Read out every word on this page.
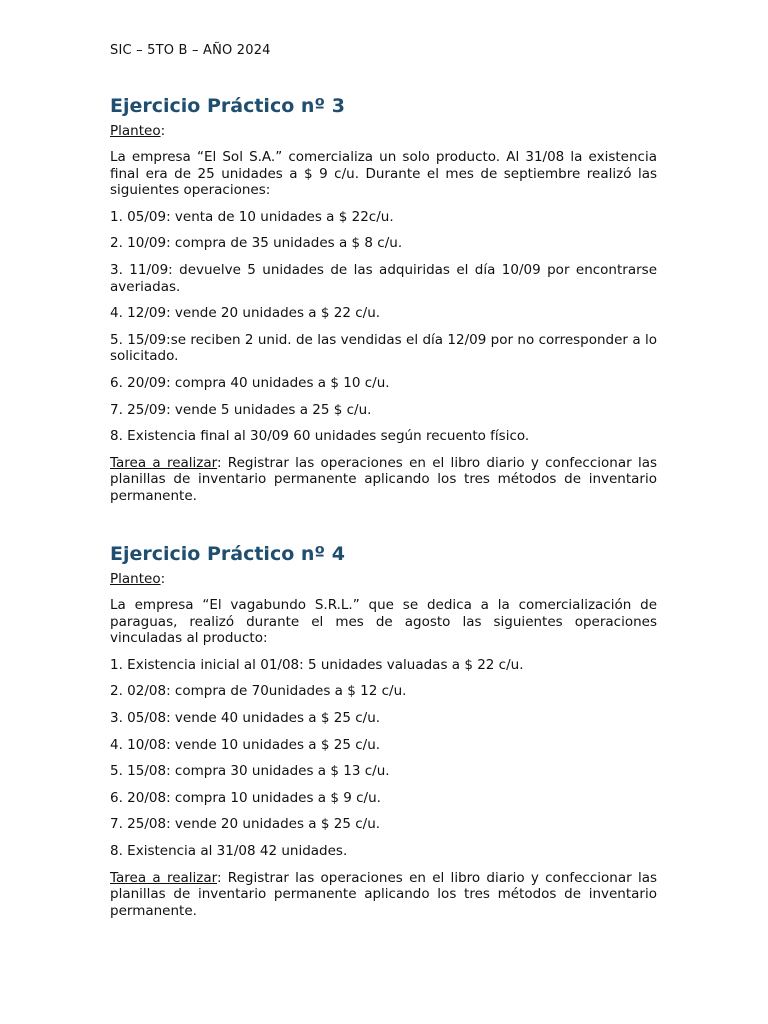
SIC – 5TO B – AÑO 2024
Ejercicio Práctico nº 3
Planteo:
La empresa “El Sol S.A.” comercializa un solo producto. Al 31/08 la existencia final era de 25 unidades a $ 9 c/u. Durante el mes de septiembre realizó las siguientes operaciones:
1. 05/09: venta de 10 unidades a $ 22c/u.
2. 10/09: compra de 35 unidades a $ 8 c/u.
3. 11/09: devuelve 5 unidades de las adquiridas el día 10/09 por encontrarse averiadas.
4. 12/09: vende 20 unidades a $ 22 c/u.
5. 15/09:se reciben 2 unid. de las vendidas el día 12/09 por no corresponder a lo solicitado.
6. 20/09: compra 40 unidades a $ 10 c/u.
7. 25/09: vende 5 unidades a 25 $ c/u.
8. Existencia final al 30/09 60 unidades según recuento físico.
Tarea a realizar: Registrar las operaciones en el libro diario y confeccionar las planillas de inventario permanente aplicando los tres métodos de inventario permanente.
Ejercicio Práctico nº 4
Planteo:
La empresa “El vagabundo S.R.L.” que se dedica a la comercialización de paraguas, realizó durante el mes de agosto las siguientes operaciones vinculadas al producto:
1. Existencia inicial al 01/08: 5 unidades valuadas a $ 22 c/u.
2. 02/08: compra de 70unidades a $ 12 c/u.
3. 05/08: vende 40 unidades a $ 25 c/u.
4. 10/08: vende 10 unidades a $ 25 c/u.
5. 15/08: compra 30 unidades a $ 13 c/u.
6. 20/08: compra 10 unidades a $ 9 c/u.
7. 25/08: vende 20 unidades a $ 25 c/u.
8. Existencia al 31/08 42 unidades.
Tarea a realizar: Registrar las operaciones en el libro diario y confeccionar las planillas de inventario permanente aplicando los tres métodos de inventario permanente.
